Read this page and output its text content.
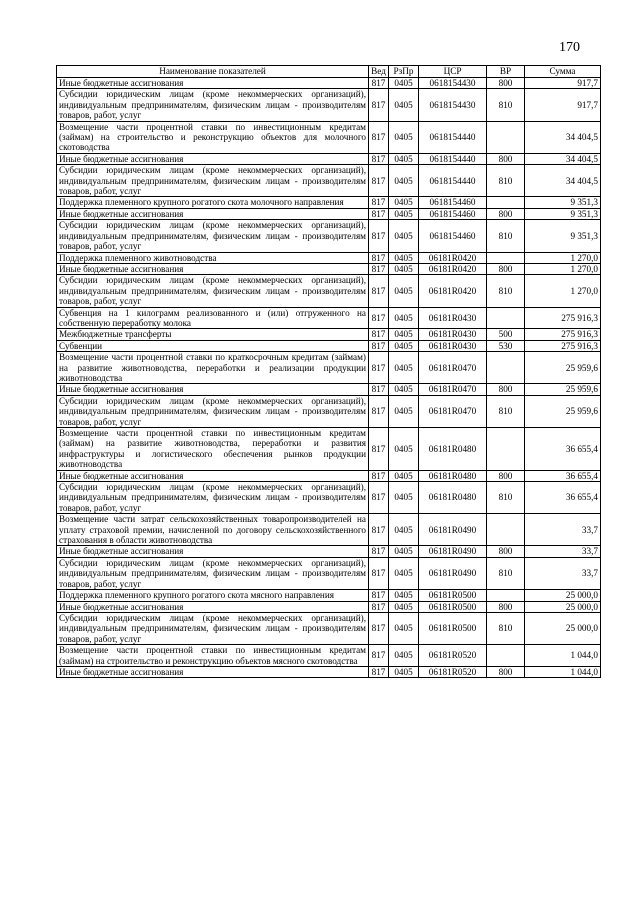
170
Наименование показателей	Вед	РзПр	ЦСР	ВР	Сумма
Иные бюджетные ассигнования	817	0405	0618154430	800	917,7
Субсидии юридическим лицам (кроме некоммерческих организаций), индивидуальным предпринимателям, физическим лицам - производителям товаров, работ, услуг	817	0405	0618154430	810	917,7
Возмещение части процентной ставки по инвестиционным кредитам (займам) на строительство и реконструкцию объектов для молочного скотоводства	817	0405	0618154440		34 404,5
Иные бюджетные ассигнования	817	0405	0618154440	800	34 404,5
Субсидии юридическим лицам (кроме некоммерческих организаций), индивидуальным предпринимателям, физическим лицам - производителям товаров, работ, услуг	817	0405	0618154440	810	34 404,5
Поддержка племенного крупного рогатого скота молочного направления	817	0405	0618154460		9 351,3
Иные бюджетные ассигнования	817	0405	0618154460	800	9 351,3
Субсидии юридическим лицам (кроме некоммерческих организаций), индивидуальным предпринимателям, физическим лицам - производителям товаров, работ, услуг	817	0405	0618154460	810	9 351,3
Поддержка племенного животноводства	817	0405	06181R0420		1 270,0
Иные бюджетные ассигнования	817	0405	06181R0420	800	1 270,0
Субсидии юридическим лицам (кроме некоммерческих организаций), индивидуальным предпринимателям, физическим лицам - производителям товаров, работ, услуг	817	0405	06181R0420	810	1 270,0
Субвенция на 1 килограмм реализованного и (или) отгруженного на собственную переработку молока	817	0405	06181R0430		275 916,3
Межбюджетные трансферты	817	0405	06181R0430	500	275 916,3
Субвенции	817	0405	06181R0430	530	275 916,3
Возмещение части процентной ставки по краткосрочным кредитам (займам) на развитие животноводства, переработки и реализации продукции животноводства	817	0405	06181R0470		25 959,6
Иные бюджетные ассигнования	817	0405	06181R0470	800	25 959,6
Субсидии юридическим лицам (кроме некоммерческих организаций), индивидуальным предпринимателям, физическим лицам - производителям товаров, работ, услуг	817	0405	06181R0470	810	25 959,6
Возмещение части процентной ставки по инвестиционным кредитам (займам) на развитие животноводства, переработки и развития инфраструктуры и логистического обеспечения рынков продукции животноводства	817	0405	06181R0480		36 655,4
Иные бюджетные ассигнования	817	0405	06181R0480	800	36 655,4
Субсидии юридическим лицам (кроме некоммерческих организаций), индивидуальным предпринимателям, физическим лицам - производителям товаров, работ, услуг	817	0405	06181R0480	810	36 655,4
Возмещение части затрат сельскохозяйственных товаропроизводителей на уплату страховой премии, начисленной по договору сельскохозяйственного страхования в области животноводства	817	0405	06181R0490		33,7
Иные бюджетные ассигнования	817	0405	06181R0490	800	33,7
Субсидии юридическим лицам (кроме некоммерческих организаций), индивидуальным предпринимателям, физическим лицам - производителям товаров, работ, услуг	817	0405	06181R0490	810	33,7
Поддержка племенного крупного рогатого скота мясного направления	817	0405	06181R0500		25 000,0
Иные бюджетные ассигнования	817	0405	06181R0500	800	25 000,0
Субсидии юридическим лицам (кроме некоммерческих организаций), индивидуальным предпринимателям, физическим лицам - производителям товаров, работ, услуг	817	0405	06181R0500	810	25 000,0
Возмещение части процентной ставки по инвестиционным кредитам (займам) на строительство и реконструкцию объектов мясного скотоводства	817	0405	06181R0520		1 044,0
Иные бюджетные ассигнования	817	0405	06181R0520	800	1 044,0
